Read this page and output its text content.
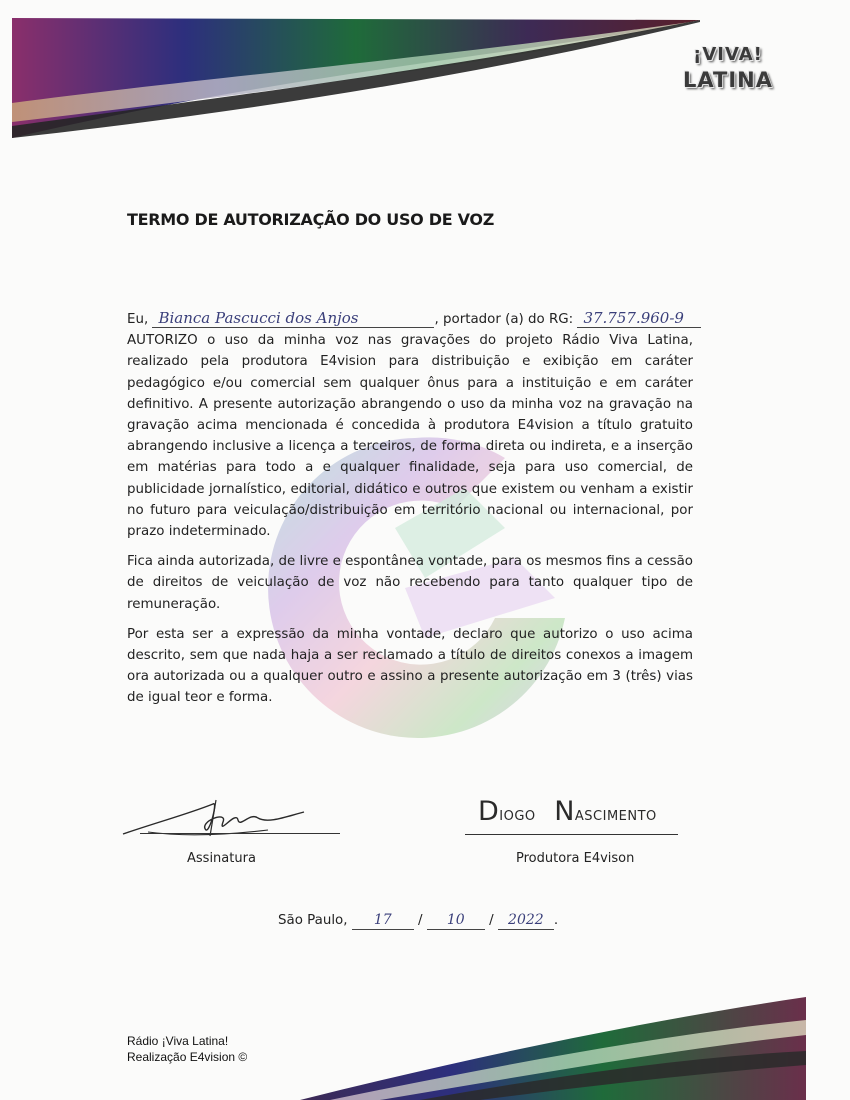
¡VIVA!
LATINA
TERMO DE AUTORIZAÇÃO DO USO DE VOZ
Eu, Bianca Pascucci dos Anjos	, portador (a) do RG: 37.757.960-9

AUTORIZO o uso da minha voz nas gravações do projeto Rádio Viva Latina, realizado pela produtora E4vision para distribuição e exibição em caráter pedagógico e/ou comercial sem qualquer ônus para a instituição e em caráter definitivo. A presente autorização abrangendo o uso da minha voz na gravação na gravação acima mencionada é concedida à produtora E4vision a título gratuito abrangendo inclusive a licença a terceiros, de forma direta ou indireta, e a inserção em matérias para todo a e qualquer finalidade, seja para uso comercial, de publicidade jornalístico, editorial, didático e outros que existem ou venham a existir no futuro para veiculação/distribuição em território nacional ou internacional, por prazo indeterminado.

Fica ainda autorizada, de livre e espontânea vontade, para os mesmos fins a cessão de direitos de veiculação de voz não recebendo para tanto qualquer tipo de remuneração.

Por esta ser a expressão da minha vontade, declaro que autorizo o uso acima descrito, sem que nada haja a ser reclamado a título de direitos conexos a imagem ora autorizada ou a qualquer outro e assino a presente autorização em 3 (três) vias de igual teor e forma.

Assinatura
DIOGO NASCIMENTO
Produtora E4vison
São Paulo, 17 / 10 / 2022 .
Rádio ¡Viva Latina!
Realização E4vision ©
